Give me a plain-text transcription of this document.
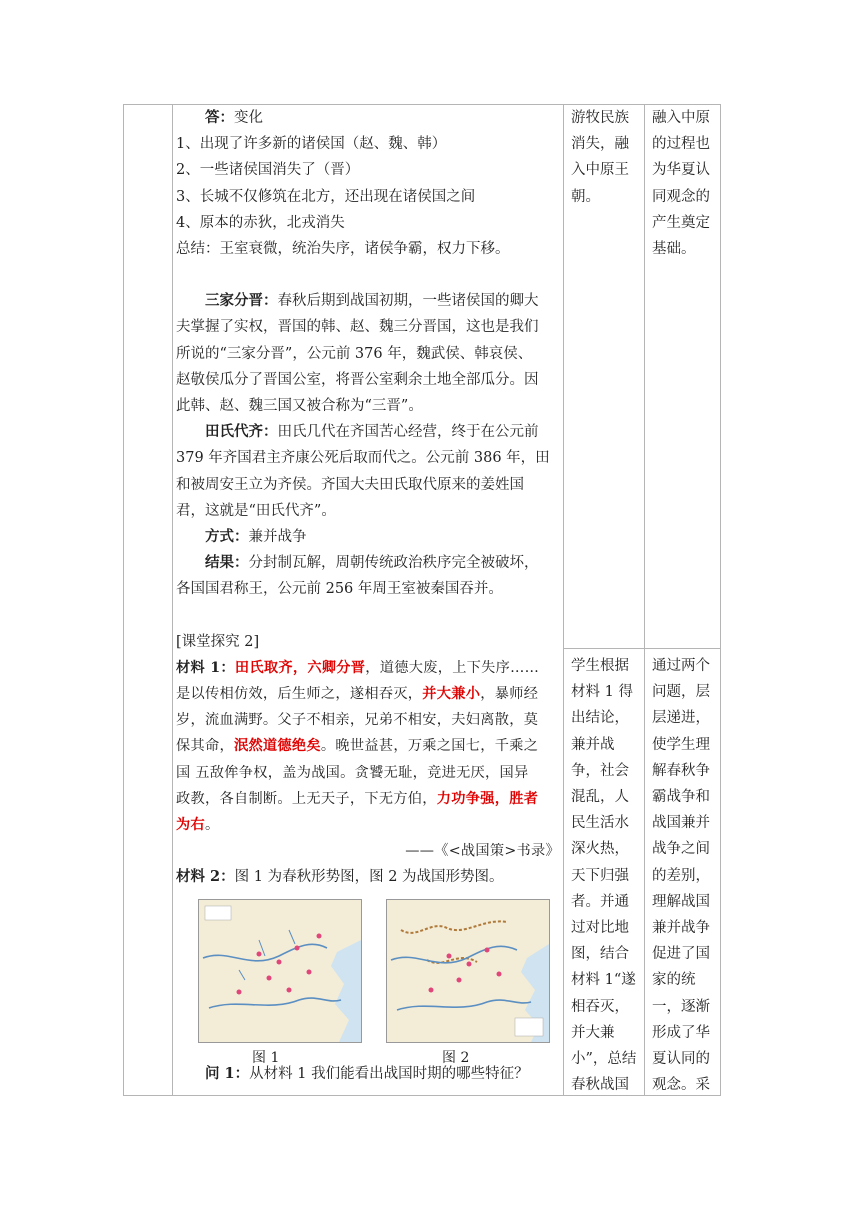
答：变化

1、出现了许多新的诸侯国（赵、魏、韩）

2、一些诸侯国消失了（晋）

3、长城不仅修筑在北方，还出现在诸侯国之间

4、原本的赤狄，北戎消失

总结：王室衰微，统治失序，诸侯争霸，权力下移。

三家分晋：春秋后期到战国初期，一些诸侯国的卿大

夫掌握了实权，晋国的韩、赵、魏三分晋国，这也是我们

所说的“三家分晋”，公元前 376 年，魏武侯、韩哀侯、

赵敬侯瓜分了晋国公室，将晋公室剩余土地全部瓜分。因

此韩、赵、魏三国又被合称为“三晋”。

田氏代齐：田氏几代在齐国苦心经营，终于在公元前

379 年齐国君主齐康公死后取而代之。公元前 386 年，田

和被周安王立为齐侯。齐国大夫田氏取代原来的姜姓国

君，这就是“田氏代齐”。

方式：兼并战争

结果：分封制瓦解，周朝传统政治秩序完全被破坏，

各国国君称王，公元前 256 年周王室被秦国吞并。

[课堂探究 2]

材料 1：田氏取齐，六卿分晋，道德大废，上下失序……

是以传相仿效，后生师之，遂相吞灭，并大兼小，暴师经

岁，流血满野。父子不相亲，兄弟不相安，夫妇离散，莫

保其命，泯然道德绝矣。晚世益甚，万乘之国七，千乘之

国 五敌侔争权，盖为战国。贪饕无耻，竞进无厌，国异

政教，各自制断。上无天子，下无方伯，力功争强，胜者

为右。

——《<战国策>书录》

材料 2：图 1 为春秋形势图，图 2 为战国形势图。

图 1	图 2

问 1：从材料 1 我们能看出战国时期的哪些特征？

游牧民族

消失，融

入中原王

朝。

学生根据

材料 1 得

出结论，

兼并战

争，社会

混乱，人

民生活水

深火热，

天下归强

者。并通

过对比地

图，结合

材料 1“遂

相吞灭，

并大兼

小”，总结

春秋战国

融入中原

的过程也

为华夏认

同观念的

产生奠定

基础。

通过两个

问题，层

层递进，

使学生理

解春秋争

霸战争和

战国兼并

战争之间

的差别，

理解战国

兼并战争

促进了国

家的统

一，逐渐

形成了华

夏认同的

观念。采
